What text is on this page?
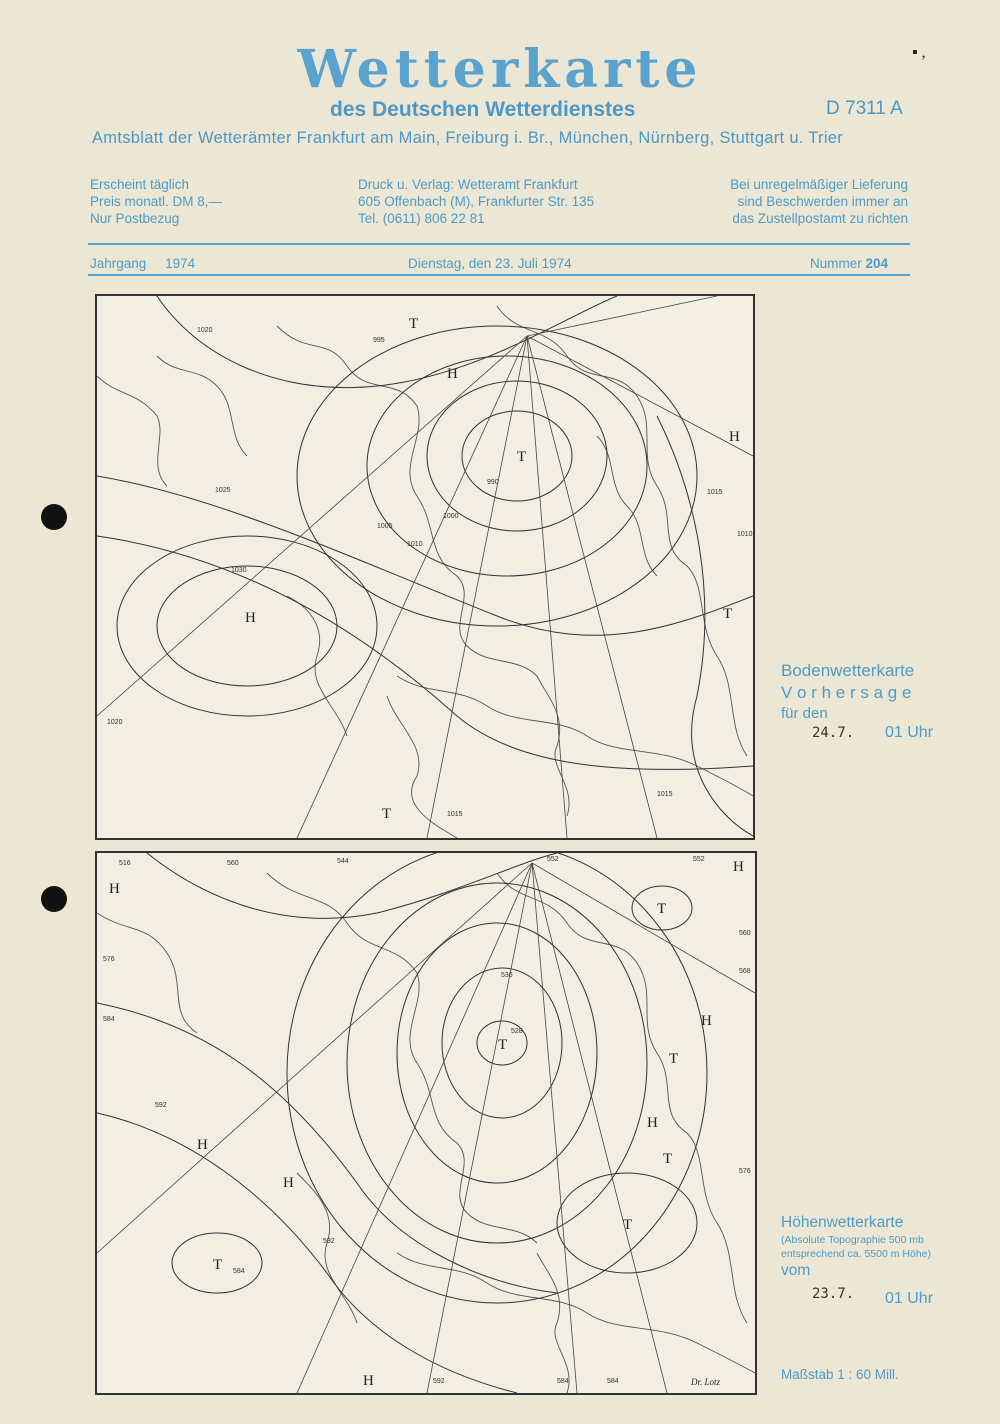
Wetterkarte
des Deutschen Wetterdienstes	D 7311 A
Amtsblatt der Wetterämter Frankfurt am Main, Freiburg i. Br., München, Nürnberg, Stuttgart u. Trier
Erscheint täglich
Preis monatl. DM 8,—
Nur Postbezug
Druck u. Verlag: Wetteramt Frankfurt
605 Offenbach (M), Frankfurter Str. 135
Tel. (0611) 806 22 81
Bei unregelmäßiger Lieferung
sind Beschwerden immer an
das Zustellpostamt zu richten
Jahrgang 1974	Dienstag, den 23. Juli 1974	Nummer 204
▪ ,
T
H
H
H
T
T
T
1020
1015
1010
1005
1000
995
990
1030
1025
1015
1010
1020
1015
Bodenwetterkarte
V o r h e r s a g e
für den
24.7. 01 Uhr
T
H
H
H
H
H
H
H
T
T
T
T
T
516	560	544	552	552
576
584
536
528
592
592
584
576
568
560
592	584	584	Dr. Lotz
Höhenwetterkarte
(Absolute Topographie 500 mb
entsprechend ca. 5500 m Höhe)
vom
23.7. 01 Uhr
Maßstab 1 : 60 Mill.
